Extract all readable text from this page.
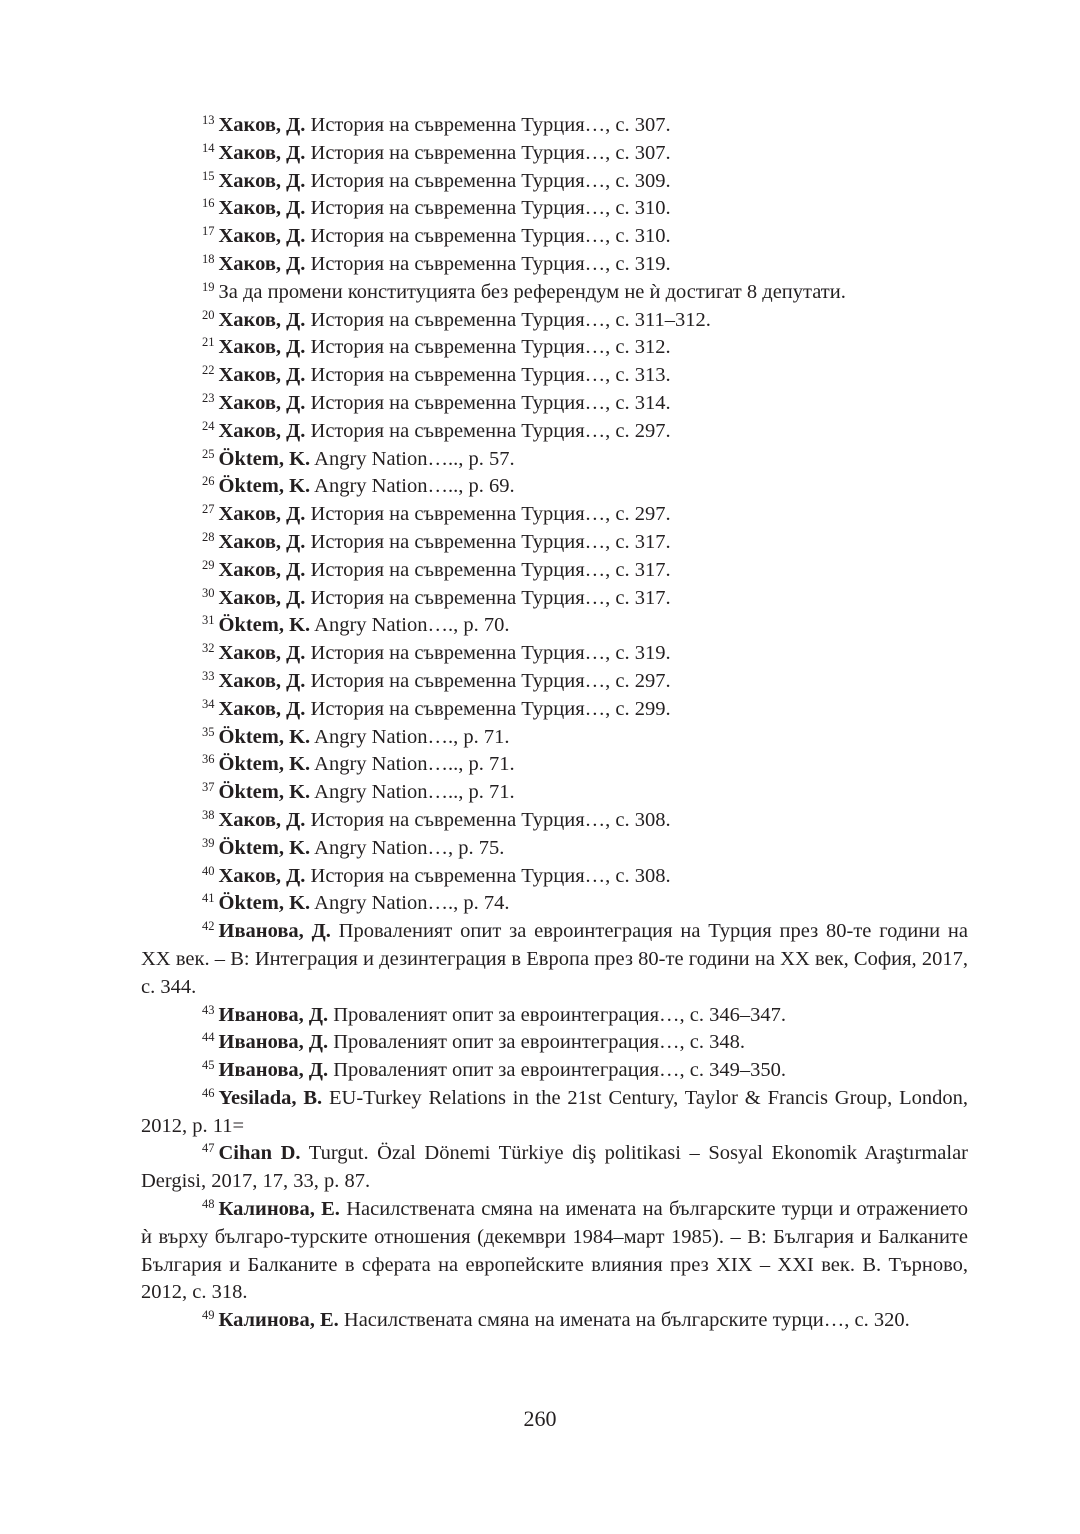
$^{13}$ Хаков, Д. История на съвременна Турция…, с. 307.

$^{14}$ Хаков, Д. История на съвременна Турция…, с. 307.

$^{15}$ Хаков, Д. История на съвременна Турция…, с. 309.

$^{16}$ Хаков, Д. История на съвременна Турция…, с. 310.

$^{17}$ Хаков, Д. История на съвременна Турция…, с. 310.

$^{18}$ Хаков, Д. История на съвременна Турция…, с. 319.

$^{19}$ За да промени конституцията без референдум не ѝ достигат 8 депутати.

$^{20}$ Хаков, Д. История на съвременна Турция…, с. 311–312.

$^{21}$ Хаков, Д. История на съвременна Турция…, с. 312.

$^{22}$ Хаков, Д. История на съвременна Турция…, с. 313.

$^{23}$ Хаков, Д. История на съвременна Турция…, с. 314.

$^{24}$ Хаков, Д. История на съвременна Турция…, с. 297.

$^{25}$ Öktem, K. Angry Nation….., p. 57.

$^{26}$ Öktem, K. Angry Nation….., p. 69.

$^{27}$ Хаков, Д. История на съвременна Турция…, с. 297.

$^{28}$ Хаков, Д. История на съвременна Турция…, с. 317.

$^{29}$ Хаков, Д. История на съвременна Турция…, с. 317.

$^{30}$ Хаков, Д. История на съвременна Турция…, с. 317.

$^{31}$ Öktem, K. Angry Nation…., p. 70.

$^{32}$ Хаков, Д. История на съвременна Турция…, с. 319.

$^{33}$ Хаков, Д. История на съвременна Турция…, с. 297.

$^{34}$ Хаков, Д. История на съвременна Турция…, с. 299.

$^{35}$ Öktem, K. Angry Nation…., p. 71.

$^{36}$ Öktem, K. Angry Nation….., p. 71.

$^{37}$ Öktem, K. Angry Nation….., p. 71.

$^{38}$ Хаков, Д. История на съвременна Турция…, с. 308.

$^{39}$ Öktem, K. Angry Nation…, p. 75.

$^{40}$ Хаков, Д. История на съвременна Турция…, с. 308.

$^{41}$ Öktem, K. Angry Nation…., p. 74.

$^{42}$ Иванова, Д. Провалeният опит за евроинтеграция на Турция през 80-те години на XX век. – В: Интеграция и дезинтеграция в Европа през 80-те години на XX век, София, 2017, с. 344.

$^{43}$ Иванова, Д. Провалeният опит за евроинтеграция…, с. 346–347.

$^{44}$ Иванова, Д. Провалeният опит за евроинтеграция…, с. 348.

$^{45}$ Иванова, Д. Провалeният опит за евроинтеграция…, с. 349–350.

$^{46}$ Yesilada, B. EU-Turkey Relations in the 21st Century, Taylor & Francis Group, London, 2012, p. 11=

$^{47}$ Cihan D. Turgut. Özal Dönemi Türkiye diş politikasi – Sosyal Ekonomik Araştırmalar Dergisi, 2017, 17, 33, p. 87.

$^{48}$ Калинова, Е. Насилствената смяна на имената на българските турци и отражението ѝ върху българо-турските отношения (декември 1984–март 1985). – В: България и Балканите България и Балканите в сферата на европейските влияния през XIX – XXI век. В. Търново, 2012, с. 318.

$^{49}$ Калинова, Е. Насилствената смяна на имената на българските турци…, с. 320.

260
